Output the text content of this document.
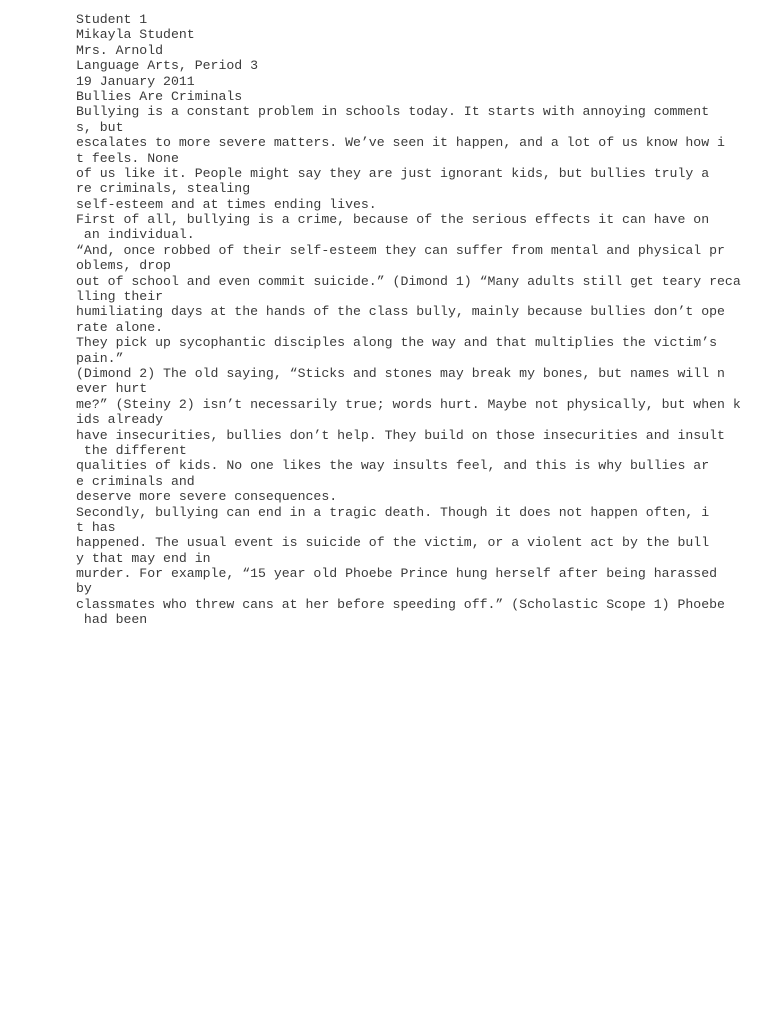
Student 1
Mikayla Student
Mrs. Arnold
Language Arts, Period 3
19 January 2011
Bullies Are Criminals
Bullying is a constant problem in schools today. It starts with annoying comment
s, but
escalates to more severe matters. We’ve seen it happen, and a lot of us know how i
t feels. None
of us like it. People might say they are just ignorant kids, but bullies truly a
re criminals, stealing
self-esteem and at times ending lives.
First of all, bullying is a crime, because of the serious effects it can have on
an individual.
“And, once robbed of their self-esteem they can suffer from mental and physical pr
oblems, drop
out of school and even commit suicide.” (Dimond 1) “Many adults still get teary reca
lling their
humiliating days at the hands of the class bully, mainly because bullies don’t ope
rate alone.
They pick up sycophantic disciples along the way and that multiplies the victim’s
pain.”
(Dimond 2) The old saying, “Sticks and stones may break my bones, but names will n
ever hurt
me?” (Steiny 2) isn’t necessarily true; words hurt. Maybe not physically, but when k
ids already
have insecurities, bullies don’t help. They build on those insecurities and insult
the different
qualities of kids. No one likes the way insults feel, and this is why bullies ar
e criminals and
deserve more severe consequences.
Secondly, bullying can end in a tragic death. Though it does not happen often, i
t has
happened. The usual event is suicide of the victim, or a violent act by the bull
y that may end in
murder. For example, “15 year old Phoebe Prince hung herself after being harassed
by
classmates who threw cans at her before speeding off.” (Scholastic Scope 1) Phoebe
had been
